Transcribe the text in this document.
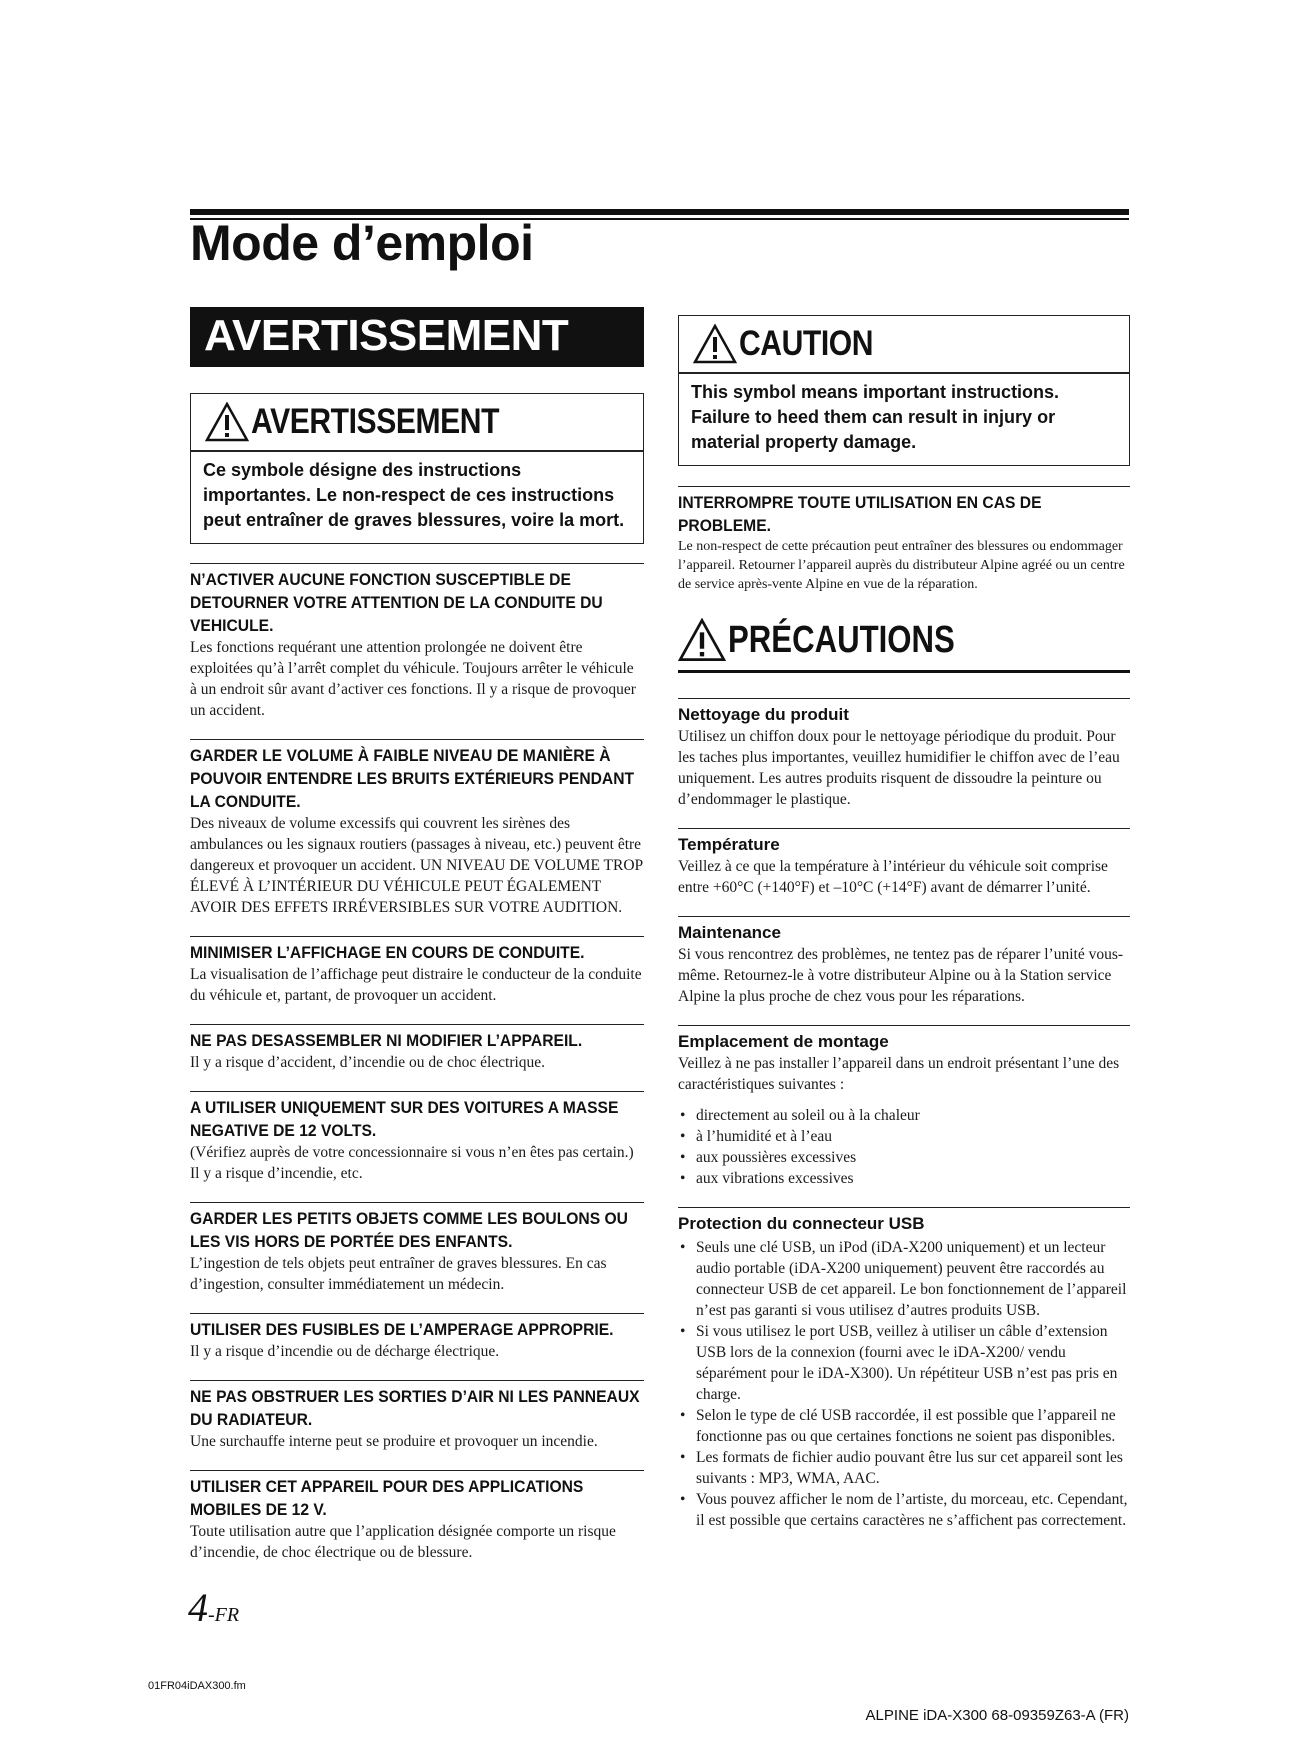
Mode d’emploi
AVERTISSEMENT
AVERTISSEMENT
Ce symbole désigne des instructions importantes. Le non-respect de ces instructions peut entraîner de graves blessures, voire la mort.

N’ACTIVER AUCUNE FONCTION SUSCEPTIBLE DE DETOURNER VOTRE ATTENTION DE LA CONDUITE DU VEHICULE.

Les fonctions requérant une attention prolongée ne doivent être exploitées qu’à l’arrêt complet du véhicule. Toujours arrêter le véhicule à un endroit sûr avant d’activer ces fonctions. Il y a risque de provoquer un accident.

GARDER LE VOLUME À FAIBLE NIVEAU DE MANIÈRE À POUVOIR ENTENDRE LES BRUITS EXTÉRIEURS PENDANT LA CONDUITE.

Des niveaux de volume excessifs qui couvrent les sirènes des ambulances ou les signaux routiers (passages à niveau, etc.) peuvent être dangereux et provoquer un accident. UN NIVEAU DE VOLUME TROP ÉLEVÉ À L’INTÉRIEUR DU VÉHICULE PEUT ÉGALEMENT AVOIR DES EFFETS IRRÉVERSIBLES SUR VOTRE AUDITION.

MINIMISER L’AFFICHAGE EN COURS DE CONDUITE.

La visualisation de l’affichage peut distraire le conducteur de la conduite du véhicule et, partant, de provoquer un accident.

NE PAS DESASSEMBLER NI MODIFIER L’APPAREIL.

Il y a risque d’accident, d’incendie ou de choc électrique.

A UTILISER UNIQUEMENT SUR DES VOITURES A MASSE NEGATIVE DE 12 VOLTS.

(Vérifiez auprès de votre concessionnaire si vous n’en êtes pas certain.) Il y a risque d’incendie, etc.

GARDER LES PETITS OBJETS COMME LES BOULONS OU LES VIS HORS DE PORTÉE DES ENFANTS.

L’ingestion de tels objets peut entraîner de graves blessures. En cas d’ingestion, consulter immédiatement un médecin.

UTILISER DES FUSIBLES DE L’AMPERAGE APPROPRIE.

Il y a risque d’incendie ou de décharge électrique.

NE PAS OBSTRUER LES SORTIES D’AIR NI LES PANNEAUX DU RADIATEUR.

Une surchauffe interne peut se produire et provoquer un incendie.

UTILISER CET APPAREIL POUR DES APPLICATIONS MOBILES DE 12 V.

Toute utilisation autre que l’application désignée comporte un risque d’incendie, de choc électrique ou de blessure.

CAUTION
This symbol means important instructions. Failure to heed them can result in injury or material property damage.

INTERROMPRE TOUTE UTILISATION EN CAS DE PROBLEME.

Le non-respect de cette précaution peut entraîner des blessures ou endommager l’appareil. Retourner l’appareil auprès du distributeur Alpine agréé ou un centre de service après-vente Alpine en vue de la réparation.

PRÉCAUTIONS

Nettoyage du produit

Utilisez un chiffon doux pour le nettoyage périodique du produit. Pour les taches plus importantes, veuillez humidifier le chiffon avec de l’eau uniquement. Les autres produits risquent de dissoudre la peinture ou d’endommager le plastique.

Température

Veillez à ce que la température à l’intérieur du véhicule soit comprise entre +60°C (+140°F) et –10°C (+14°F) avant de démarrer l’unité.

Maintenance

Si vous rencontrez des problèmes, ne tentez pas de réparer l’unité vous-même. Retournez-le à votre distributeur Alpine ou à la Station service Alpine la plus proche de chez vous pour les réparations.

Emplacement de montage

Veillez à ne pas installer l’appareil dans un endroit présentant l’une des caractéristiques suivantes :

• directement au soleil ou à la chaleur
• à l’humidité et à l’eau
• aux poussières excessives
• aux vibrations excessives

Protection du connecteur USB

• Seuls une clé USB, un iPod (iDA-X200 uniquement) et un lecteur audio portable (iDA-X200 uniquement) peuvent être raccordés au connecteur USB de cet appareil. Le bon fonctionnement de l’appareil n’est pas garanti si vous utilisez d’autres produits USB.
• Si vous utilisez le port USB, veillez à utiliser un câble d’extension USB lors de la connexion (fourni avec le iDA-X200/ vendu séparément pour le iDA-X300). Un répétiteur USB n’est pas pris en charge.
• Selon le type de clé USB raccordée, il est possible que l’appareil ne fonctionne pas ou que certaines fonctions ne soient pas disponibles.
• Les formats de fichier audio pouvant être lus sur cet appareil sont les suivants : MP3, WMA, AAC.
• Vous pouvez afficher le nom de l’artiste, du morceau, etc. Cependant, il est possible que certains caractères ne s’affichent pas correctement.
4-FR
01FR04iDAX300.fm
ALPINE iDA-X300 68-09359Z63-A (FR)
